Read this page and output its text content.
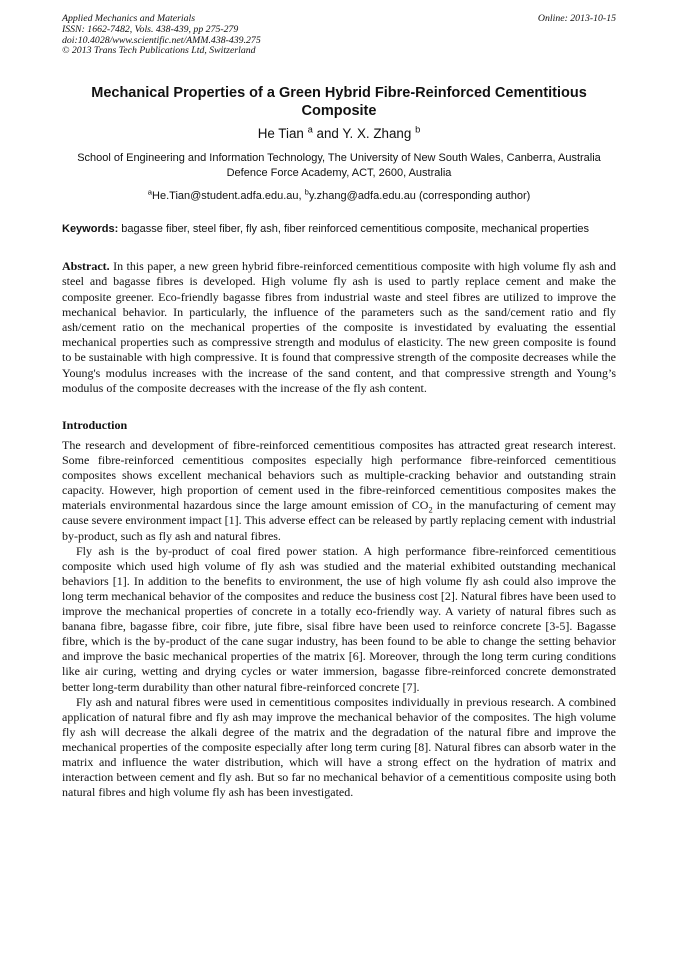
Applied Mechanics and Materials
ISSN: 1662-7482, Vols. 438-439, pp 275-279
doi:10.4028/www.scientific.net/AMM.438-439.275
© 2013 Trans Tech Publications Ltd, Switzerland
Online: 2013-10-15
Mechanical Properties of a Green Hybrid Fibre-Reinforced Cementitious Composite
He Tian $^a$ and Y. X. Zhang $^b$
School of Engineering and Information Technology, The University of New South Wales, Canberra, Australia Defence Force Academy, ACT, 2600, Australia
$^a$He.Tian@student.adfa.edu.au, $^b$y.zhang@adfa.edu.au (corresponding author)
Keywords: bagasse fiber, steel fiber, fly ash, fiber reinforced cementitious composite, mechanical properties

Abstract. In this paper, a new green hybrid fibre-reinforced cementitious composite with high volume fly ash and steel and bagasse fibres is developed. High volume fly ash is used to partly replace cement and make the composite greener. Eco-friendly bagasse fibres from industrial waste and steel fibres are utilized to improve the mechanical behavior. In particularly, the influence of the parameters such as the sand/cement ratio and fly ash/cement ratio on the mechanical properties of the composite is investidated by evaluating the essential mechanical properties such as compressive strength and modulus of elasticity. The new green composite is found to be sustainable with high compressive. It is found that compressive strength of the composite decreases while the Young's modulus increases with the increase of the sand content, and that compressive strength and Young’s modulus of the composite decreases with the increase of the fly ash content.

Introduction

The research and development of fibre-reinforced cementitious composites has attracted great research interest. Some fibre-reinforced cementitious composites especially high performance fibre-reinforced cementitious composites shows excellent mechanical behaviors such as multiple-cracking behavior and outstanding strain capacity. However, high proportion of cement used in the fibre-reinforced cementitious composites makes the materials environmental hazardous since the large amount emission of $CO_2$ in the manufacturing of cement may cause severe environment impact [1]. This adverse effect can be released by partly replacing cement with industrial by-product, such as fly ash and natural fibres.

Fly ash is the by-product of coal fired power station. A high performance fibre-reinforced cementitious composite which used high volume of fly ash was studied and the material exhibited outstanding mechanical behaviors [1]. In addition to the benefits to environment, the use of high volume fly ash could also improve the long term mechanical behavior of the composites and reduce the business cost [2]. Natural fibres have been used to improve the mechanical properties of concrete in a totally eco-friendly way. A variety of natural fibres such as banana fibre, bagasse fibre, coir fibre, jute fibre, sisal fibre have been used to reinforce concrete [3-5]. Bagasse fibre, which is the by-product of the cane sugar industry, has been found to be able to change the setting behavior and improve the basic mechanical properties of the matrix [6]. Moreover, through the long term curing conditions like air curing, wetting and drying cycles or water immersion, bagasse fibre-reinforced concrete demonstrated better long-term durability than other natural fibre-reinforced concrete [7].

Fly ash and natural fibres were used in cementitious composites individually in previous research. A combined application of natural fibre and fly ash may improve the mechanical behavior of the composites. The high volume fly ash will decrease the alkali degree of the matrix and the degradation of the natural fibre and improve the mechanical properties of the composite especially after long term curing [8]. Natural fibres can absorb water in the matrix and influence the water distribution, which will have a strong effect on the hydration of matrix and interaction between cement and fly ash. But so far no mechanical behavior of a cementitious composite using both natural fibres and high volume fly ash has been investigated.
